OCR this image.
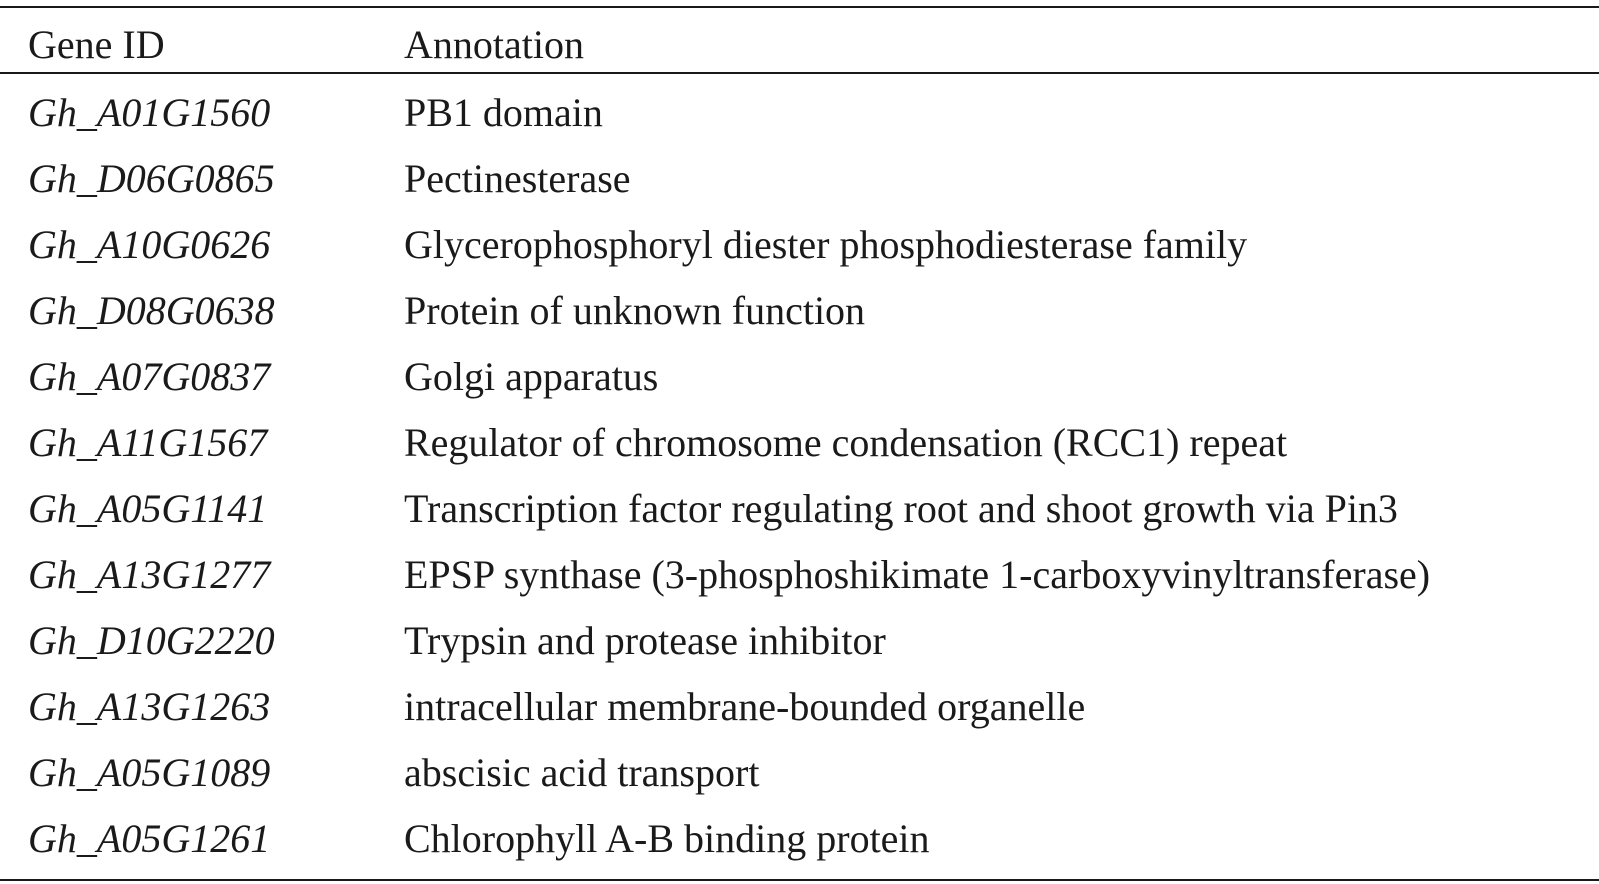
Gene ID	Annotation
Gh_A01G1560	PB1 domain
Gh_D06G0865	Pectinesterase
Gh_A10G0626	Glycerophosphoryl diester phosphodiesterase family
Gh_D08G0638	Protein of unknown function
Gh_A07G0837	Golgi apparatus
Gh_A11G1567	Regulator of chromosome condensation (RCC1) repeat
Gh_A05G1141	Transcription factor regulating root and shoot growth via Pin3
Gh_A13G1277	EPSP synthase (3-phosphoshikimate 1-carboxyvinyltransferase)
Gh_D10G2220	Trypsin and protease inhibitor
Gh_A13G1263	intracellular membrane-bounded organelle
Gh_A05G1089	abscisic acid transport
Gh_A05G1261	Chlorophyll A-B binding protein
